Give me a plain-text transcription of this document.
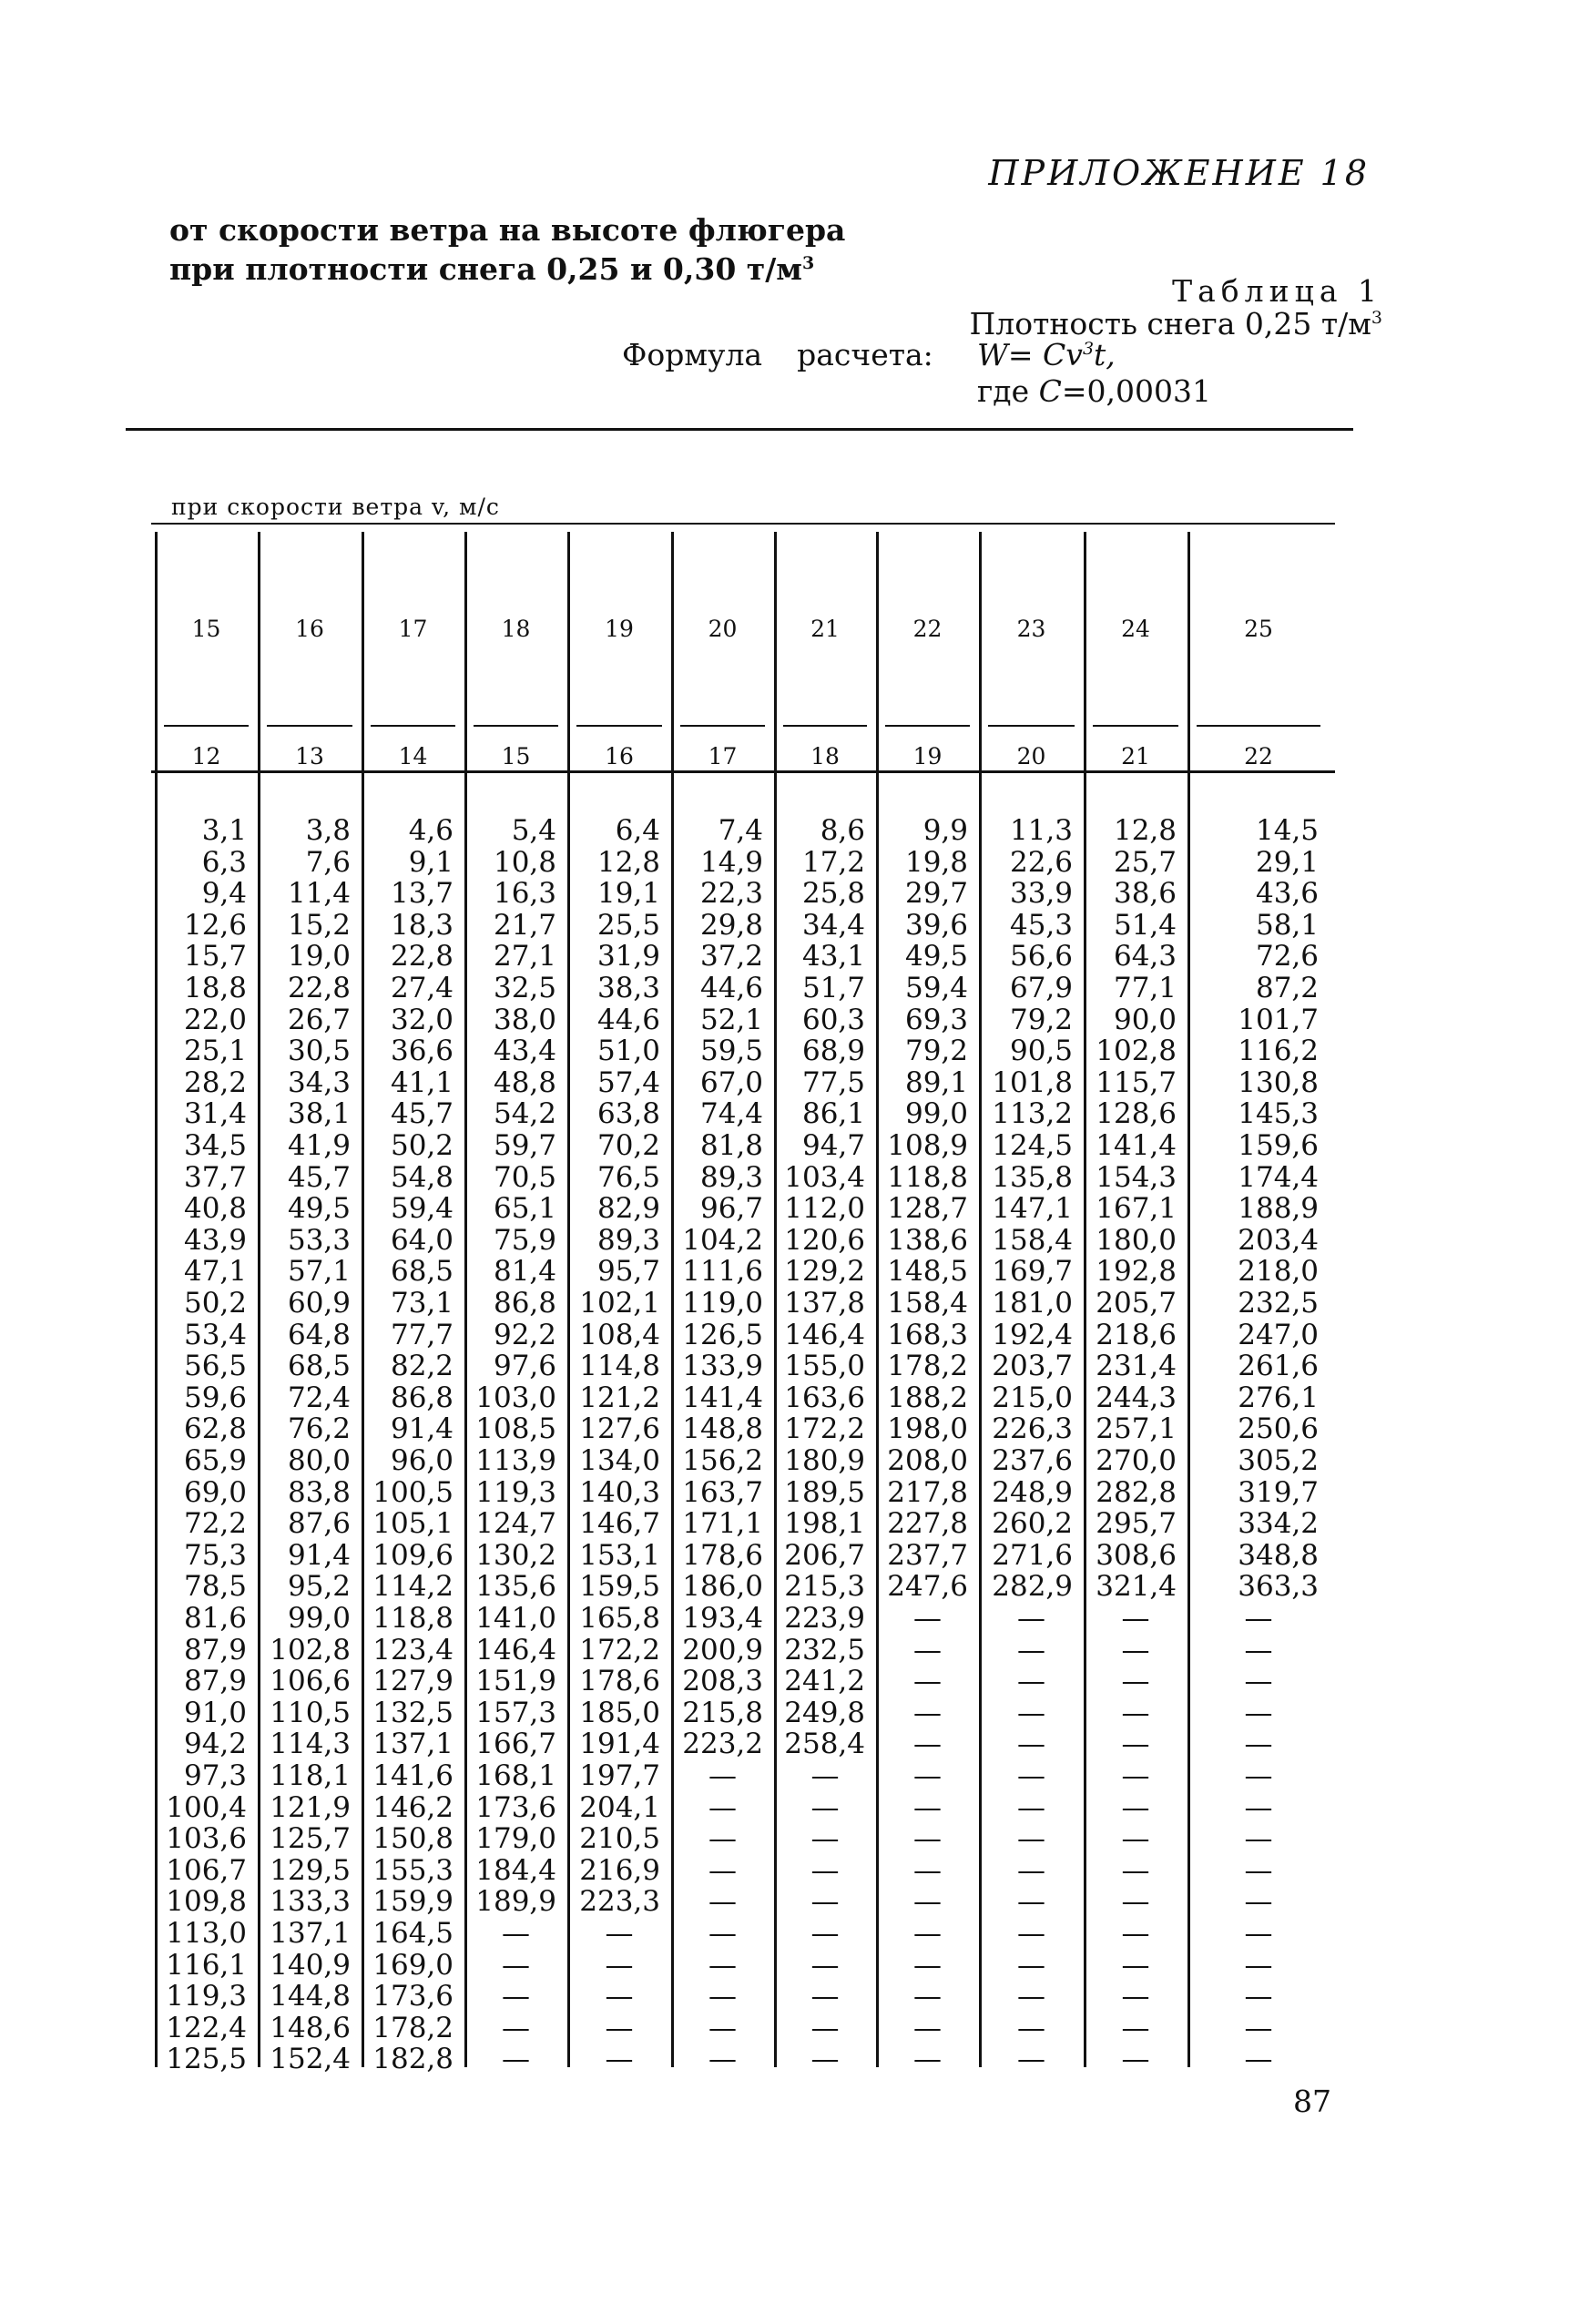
ПРИЛОЖЕНИЕ 18
от скорости ветра на высоте флюгера
при плотности снега 0,25 и 0,30 $т/м^3$
Таблица 1
Плотность снега 0,25 $т/м^3$
Формула расчета: $W= Cv^3t$,
где C=0,00031
при скорости ветра v, м/с
15
12
3,1
6,3
9,4
12,6
15,7
18,8
22,0
25,1
28,2
31,4
34,5
37,7
40,8
43,9
47,1
50,2
53,4
56,5
59,6
62,8
65,9
69,0
72,2
75,3
78,5
81,6
87,9
87,9
91,0
94,2
97,3
100,4
103,6
106,7
109,8
113,0
116,1
119,3
122,4
125,5
16
13
3,8
7,6
11,4
15,2
19,0
22,8
26,7
30,5
34,3
38,1
41,9
45,7
49,5
53,3
57,1
60,9
64,8
68,5
72,4
76,2
80,0
83,8
87,6
91,4
95,2
99,0
102,8
106,6
110,5
114,3
118,1
121,9
125,7
129,5
133,3
137,1
140,9
144,8
148,6
152,4
17
14
4,6
9,1
13,7
18,3
22,8
27,4
32,0
36,6
41,1
45,7
50,2
54,8
59,4
64,0
68,5
73,1
77,7
82,2
86,8
91,4
96,0
100,5
105,1
109,6
114,2
118,8
123,4
127,9
132,5
137,1
141,6
146,2
150,8
155,3
159,9
164,5
169,0
173,6
178,2
182,8
18
15
5,4
10,8
16,3
21,7
27,1
32,5
38,0
43,4
48,8
54,2
59,7
70,5
65,1
75,9
81,4
86,8
92,2
97,6
103,0
108,5
113,9
119,3
124,7
130,2
135,6
141,0
146,4
151,9
157,3
166,7
168,1
173,6
179,0
184,4
189,9
—
—
—
—
—
19
16
6,4
12,8
19,1
25,5
31,9
38,3
44,6
51,0
57,4
63,8
70,2
76,5
82,9
89,3
95,7
102,1
108,4
114,8
121,2
127,6
134,0
140,3
146,7
153,1
159,5
165,8
172,2
178,6
185,0
191,4
197,7
204,1
210,5
216,9
223,3
—
—
—
—
—
20
17
7,4
14,9
22,3
29,8
37,2
44,6
52,1
59,5
67,0
74,4
81,8
89,3
96,7
104,2
111,6
119,0
126,5
133,9
141,4
148,8
156,2
163,7
171,1
178,6
186,0
193,4
200,9
208,3
215,8
223,2
—
—
—
—
—
—
—
—
—
—
21
18
8,6
17,2
25,8
34,4
43,1
51,7
60,3
68,9
77,5
86,1
94,7
103,4
112,0
120,6
129,2
137,8
146,4
155,0
163,6
172,2
180,9
189,5
198,1
206,7
215,3
223,9
232,5
241,2
249,8
258,4
—
—
—
—
—
—
—
—
—
—
22
19
9,9
19,8
29,7
39,6
49,5
59,4
69,3
79,2
89,1
99,0
108,9
118,8
128,7
138,6
148,5
158,4
168,3
178,2
188,2
198,0
208,0
217,8
227,8
237,7
247,6
—
—
—
—
—
—
—
—
—
—
—
—
—
—
—
23
20
11,3
22,6
33,9
45,3
56,6
67,9
79,2
90,5
101,8
113,2
124,5
135,8
147,1
158,4
169,7
181,0
192,4
203,7
215,0
226,3
237,6
248,9
260,2
271,6
282,9
—
—
—
—
—
—
—
—
—
—
—
—
—
—
—
24
21
12,8
25,7
38,6
51,4
64,3
77,1
90,0
102,8
115,7
128,6
141,4
154,3
167,1
180,0
192,8
205,7
218,6
231,4
244,3
257,1
270,0
282,8
295,7
308,6
321,4
—
—
—
—
—
—
—
—
—
—
—
—
—
—
—
25
22
14,5
29,1
43,6
58,1
72,6
87,2
101,7
116,2
130,8
145,3
159,6
174,4
188,9
203,4
218,0
232,5
247,0
261,6
276,1
250,6
305,2
319,7
334,2
348,8
363,3
—
—
—
—
—
—
—
—
—
—
—
—
—
—
—
87
